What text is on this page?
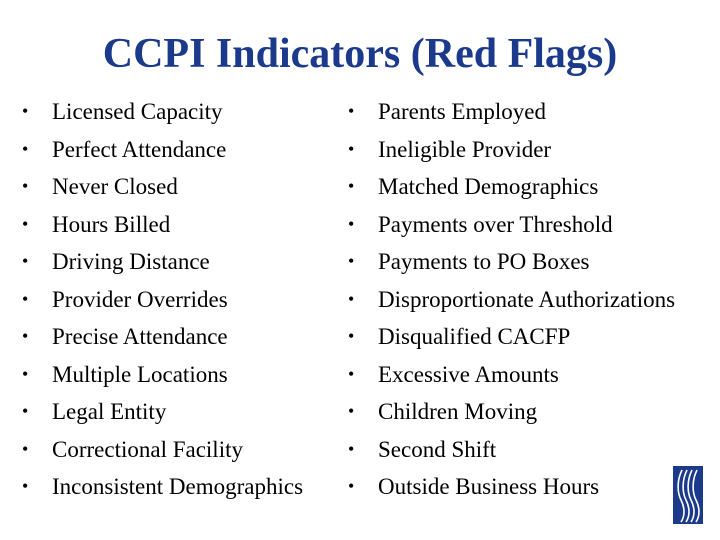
CCPI Indicators (Red Flags)
• Licensed Capacity
• Perfect Attendance
• Never Closed
• Hours Billed
• Driving Distance
• Provider Overrides
• Precise Attendance
• Multiple Locations
• Legal Entity
• Correctional Facility
• Inconsistent Demographics
• Parents Employed
• Ineligible Provider
• Matched Demographics
• Payments over Threshold
• Payments to PO Boxes
• Disproportionate Authorizations
• Disqualified CACFP
• Excessive Amounts
• Children Moving
• Second Shift
• Outside Business Hours
